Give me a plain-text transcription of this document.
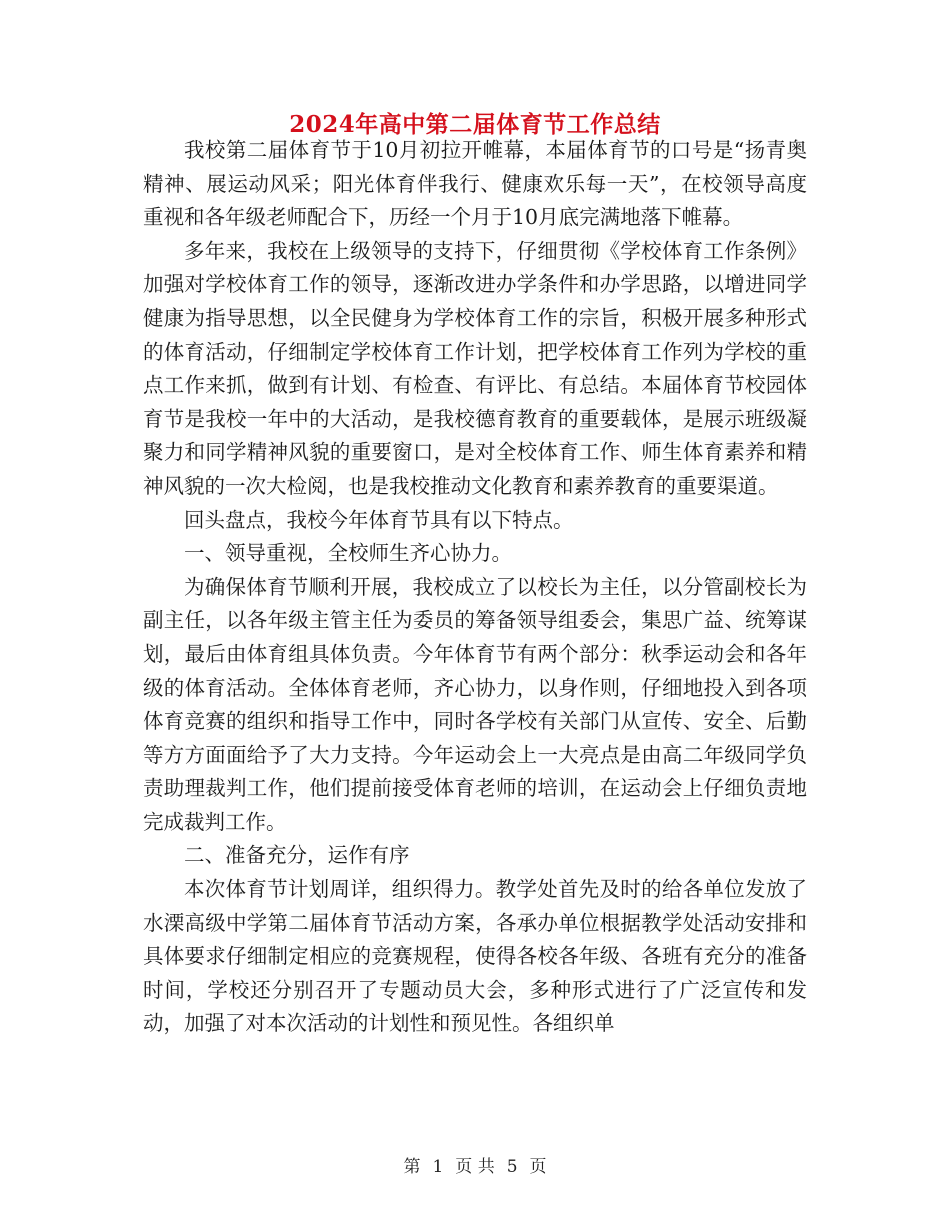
2024年高中第二届体育节工作总结

我校第二届体育节于10月初拉开帷幕，本届体育节的口号是“扬青奥精神、展运动风采；阳光体育伴我行、健康欢乐每一天”，在校领导高度重视和各年级老师配合下，历经一个月于10月底完满地落下帷幕。

多年来，我校在上级领导的支持下，仔细贯彻《学校体育工作条例》加强对学校体育工作的领导，逐渐改进办学条件和办学思路，以增进同学健康为指导思想，以全民健身为学校体育工作的宗旨，积极开展多种形式的体育活动，仔细制定学校体育工作计划，把学校体育工作列为学校的重点工作来抓，做到有计划、有检查、有评比、有总结。本届体育节校园体育节是我校一年中的大活动，是我校德育教育的重要载体，是展示班级凝聚力和同学精神风貌的重要窗口，是对全校体育工作、师生体育素养和精神风貌的一次大检阅，也是我校推动文化教育和素养教育的重要渠道。

回头盘点，我校今年体育节具有以下特点。

一、领导重视，全校师生齐心协力。

为确保体育节顺利开展，我校成立了以校长为主任，以分管副校长为副主任，以各年级主管主任为委员的筹备领导组委会，集思广益、统筹谋划，最后由体育组具体负责。今年体育节有两个部分：秋季运动会和各年级的体育活动。全体体育老师，齐心协力，以身作则，仔细地投入到各项体育竞赛的组织和指导工作中，同时各学校有关部门从宣传、安全、后勤等方方面面给予了大力支持。今年运动会上一大亮点是由高二年级同学负责助理裁判工作，他们提前接受体育老师的培训，在运动会上仔细负责地完成裁判工作。

二、准备充分，运作有序

本次体育节计划周详，组织得力。教学处首先及时的给各单位发放了水溧高级中学第二届体育节活动方案，各承办单位根据教学处活动安排和具体要求仔细制定相应的竞赛规程，使得各校各年级、各班有充分的准备时间，学校还分别召开了专题动员大会，多种形式进行了广泛宣传和发动，加强了对本次活动的计划性和预见性。各组织单

第 1 页 共 5 页
